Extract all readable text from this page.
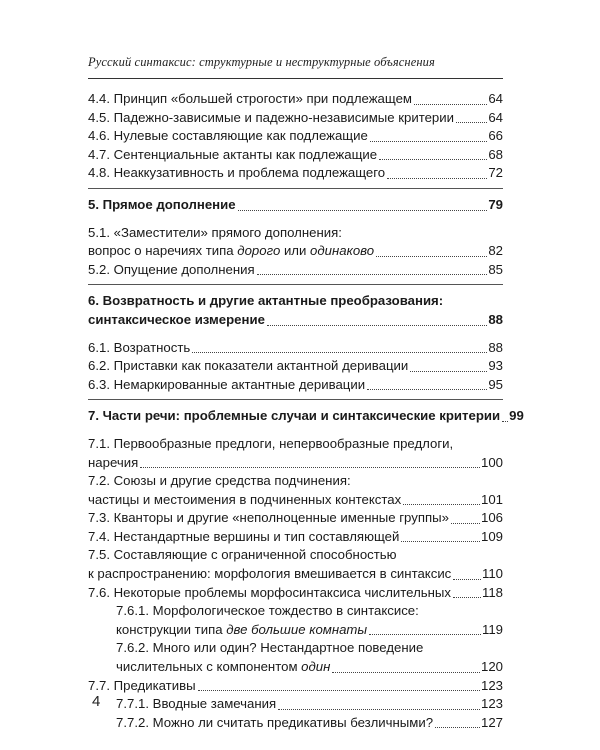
Русский синтаксис: структурные и неструктурные объяснения
4.4. Принцип «большей строгости» при подлежащем	64
4.5. Падежно-зависимые и падежно-независимые критерии	64
4.6. Нулевые составляющие как подлежащие	66
4.7. Сентенциальные актанты как подлежащие	68
4.8. Неаккузативность и проблема подлежащего	72
5. Прямое дополнение	79
5.1. «Заместители» прямого дополнения:
вопрос о наречиях типа дорого или одинаково	82
5.2. Опущение дополнения	85
6. Возвратность и другие актантные преобразования:
синтаксическое измерение	88
6.1. Возратность	88
6.2. Приставки как показатели актантной деривации	93
6.3. Немаркированные актантные деривации	95
7. Части речи: проблемные случаи и синтаксические критерии 99
7.1. Первообразные предлоги, непервообразные предлоги,
наречия	100
7.2. Союзы и другие средства подчинения:
частицы и местоимения в подчиненных контекстах	101
7.3. Кванторы и другие «неполноценные именные группы» 106
7.4. Нестандартные вершины и тип составляющей	109
7.5. Составляющие с ограниченной способностью
к распространению: морфология вмешивается в синтаксис 110
7.6. Некоторые проблемы морфосинтаксиса числительных 118
7.6.1. Морфологическое тождество в синтаксисе:
конструкции типа две большие комнаты	119
7.6.2. Много или один? Нестандартное поведение
числительных с компонентом один	120
7.7. Предикативы	123
7.7.1. Вводные замечания	123
7.7.2. Можно ли считать предикативы безличными?	127
4
